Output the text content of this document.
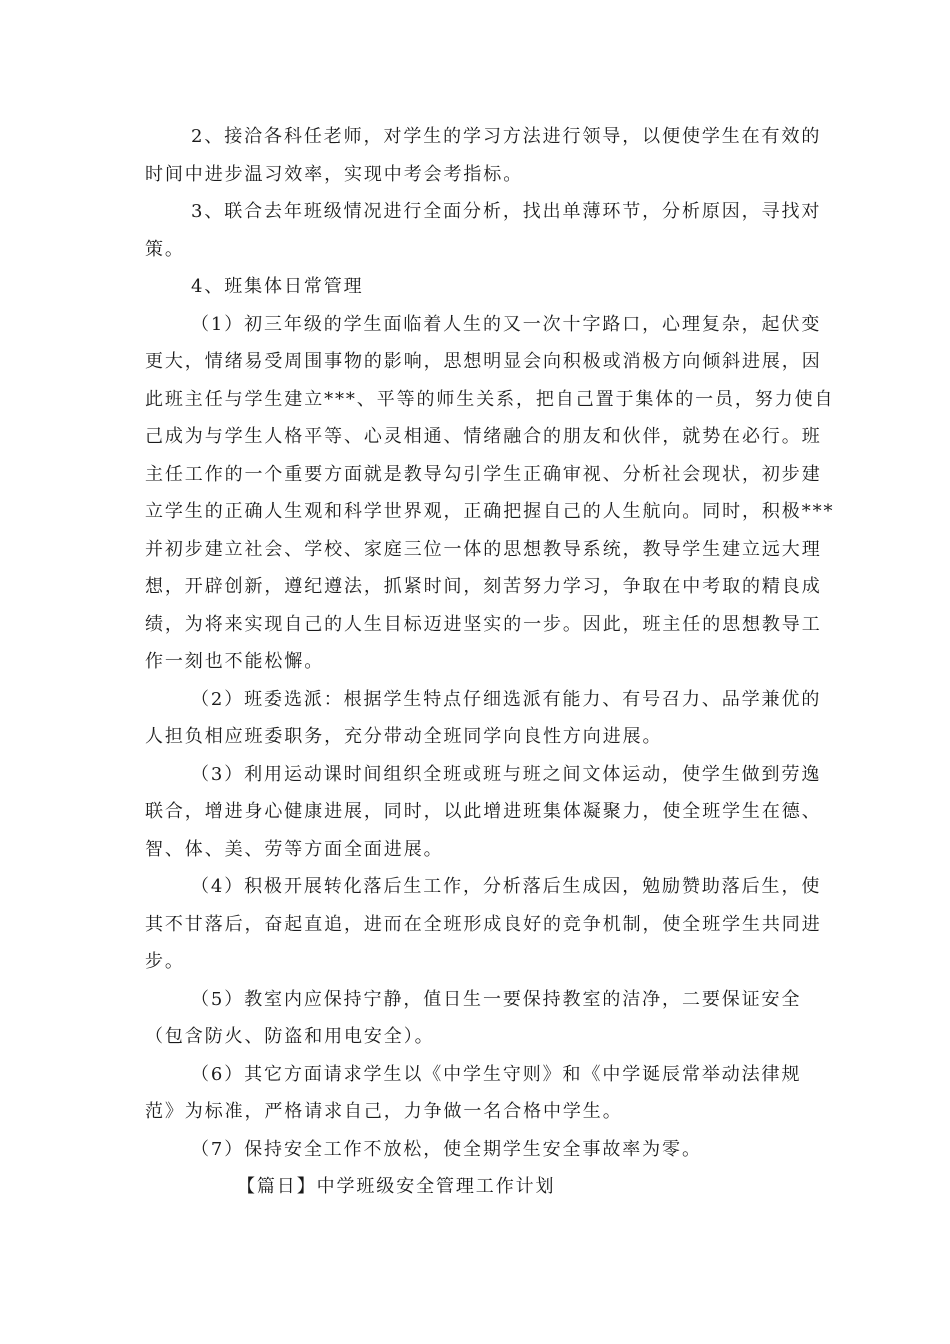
2、接洽各科任老师，对学生的学习方法进行领导，以便使学生在有效的
时间中进步温习效率，实现中考会考指标。
3、联合去年班级情况进行全面分析，找出单薄环节，分析原因，寻找对
策。
4、班集体日常管理
（1）初三年级的学生面临着人生的又一次十字路口，心理复杂，起伏变
更大，情绪易受周围事物的影响，思想明显会向积极或消极方向倾斜进展，因
此班主任与学生建立***、平等的师生关系，把自己置于集体的一员，努力使自
己成为与学生人格平等、心灵相通、情绪融合的朋友和伙伴，就势在必行。班
主任工作的一个重要方面就是教导勾引学生正确审视、分析社会现状，初步建
立学生的正确人生观和科学世界观，正确把握自己的人生航向。同时，积极***
并初步建立社会、学校、家庭三位一体的思想教导系统，教导学生建立远大理
想，开辟创新，遵纪遵法，抓紧时间，刻苦努力学习，争取在中考取的精良成
绩，为将来实现自己的人生目标迈进坚实的一步。因此，班主任的思想教导工
作一刻也不能松懈。
（2）班委选派：根据学生特点仔细选派有能力、有号召力、品学兼优的
人担负相应班委职务，充分带动全班同学向良性方向进展。
（3）利用运动课时间组织全班或班与班之间文体运动，使学生做到劳逸
联合，增进身心健康进展，同时，以此增进班集体凝聚力，使全班学生在德、
智、体、美、劳等方面全面进展。
（4）积极开展转化落后生工作，分析落后生成因，勉励赞助落后生，使
其不甘落后，奋起直追，进而在全班形成良好的竞争机制，使全班学生共同进
步。
（5）教室内应保持宁静，值日生一要保持教室的洁净，二要保证安全
（包含防火、防盗和用电安全）。
（6）其它方面请求学生以《中学生守则》和《中学诞辰常举动法律规
范》为标准，严格请求自己，力争做一名合格中学生。
（7）保持安全工作不放松，使全期学生安全事故率为零。
【篇日】中学班级安全管理工作计划
